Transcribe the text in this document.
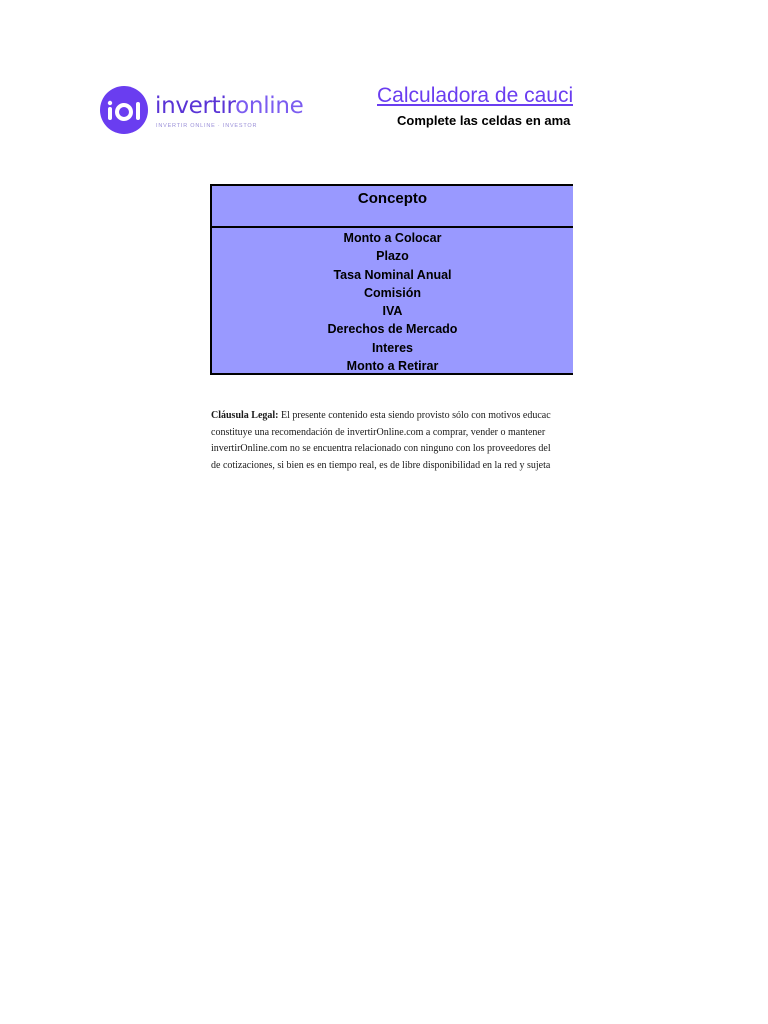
invertironline
INVERTIR ONLINE · INVESTOR
Calculadora de cauci
Complete las celdas en ama
Concepto
Monto a Colocar
Plazo
Tasa Nominal Anual
Comisión
IVA
Derechos de Mercado
Interes
Monto a Retirar
Cláusula Legal: El presente contenido esta siendo provisto sólo con motivos educac
constituye una recomendación de invertirOnline.com a comprar, vender o mantener
invertirOnline.com no se encuentra relacionado con ninguno con los proveedores del
de cotizaciones, si bien es en tiempo real, es de libre disponibilidad en la red y sujeta
